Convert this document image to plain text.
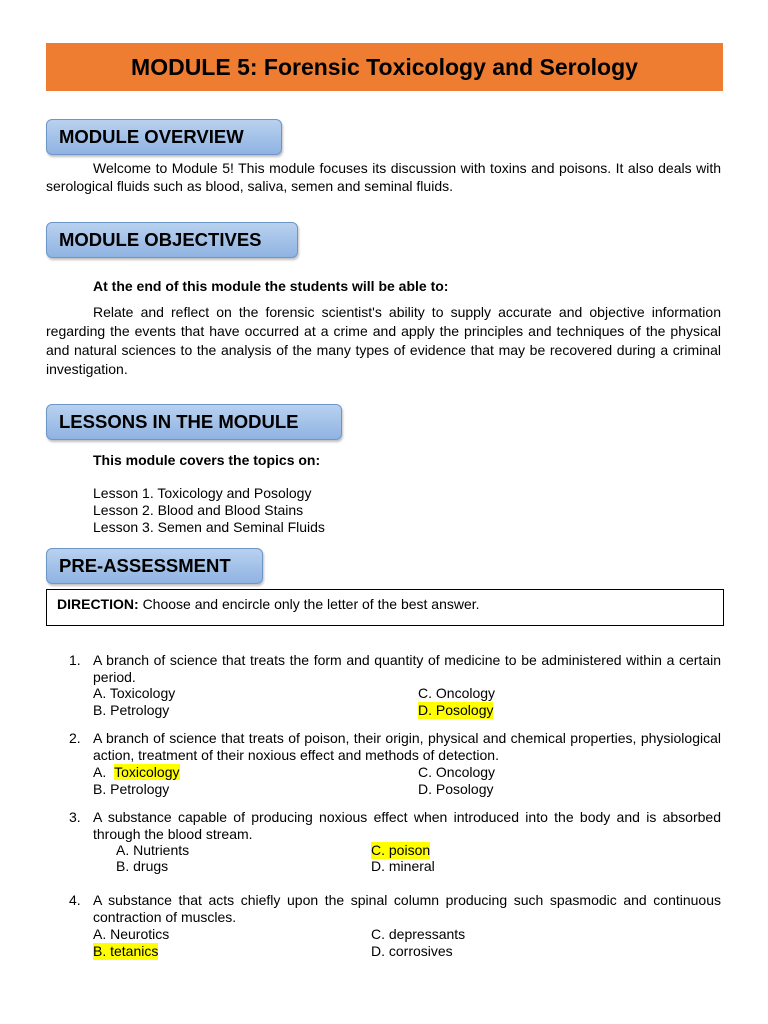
MODULE 5: Forensic Toxicology and Serology
MODULE OVERVIEW
Welcome to Module 5! This module focuses its discussion with toxins and poisons. It also deals with serological fluids such as blood, saliva, semen and seminal fluids.
MODULE OBJECTIVES
At the end of this module the students will be able to:
Relate and reflect on the forensic scientist's ability to supply accurate and objective information regarding the events that have occurred at a crime and apply the principles and techniques of the physical and natural sciences to the analysis of the many types of evidence that may be recovered during a criminal investigation.
LESSONS IN THE MODULE
This module covers the topics on:
Lesson 1. Toxicology and Posology
Lesson 2. Blood and Blood Stains
Lesson 3. Semen and Seminal Fluids
PRE-ASSESSMENT
DIRECTION: Choose and encircle only the letter of the best answer.
1. A branch of science that treats the form and quantity of medicine to be administered within a certain period.
A. Toxicology
B. Petrology
C. Oncology
D. Posology
2. A branch of science that treats of poison, their origin, physical and chemical properties, physiological action, treatment of their noxious effect and methods of detection.
A. Toxicology
B. Petrology
C. Oncology
D. Posology
3. A substance capable of producing noxious effect when introduced into the body and is absorbed through the blood stream.
A. Nutrients
B. drugs
C. poison
D. mineral
4. A substance that acts chiefly upon the spinal column producing such spasmodic and continuous contraction of muscles.
A. Neurotics
B. tetanics
C. depressants
D. corrosives
